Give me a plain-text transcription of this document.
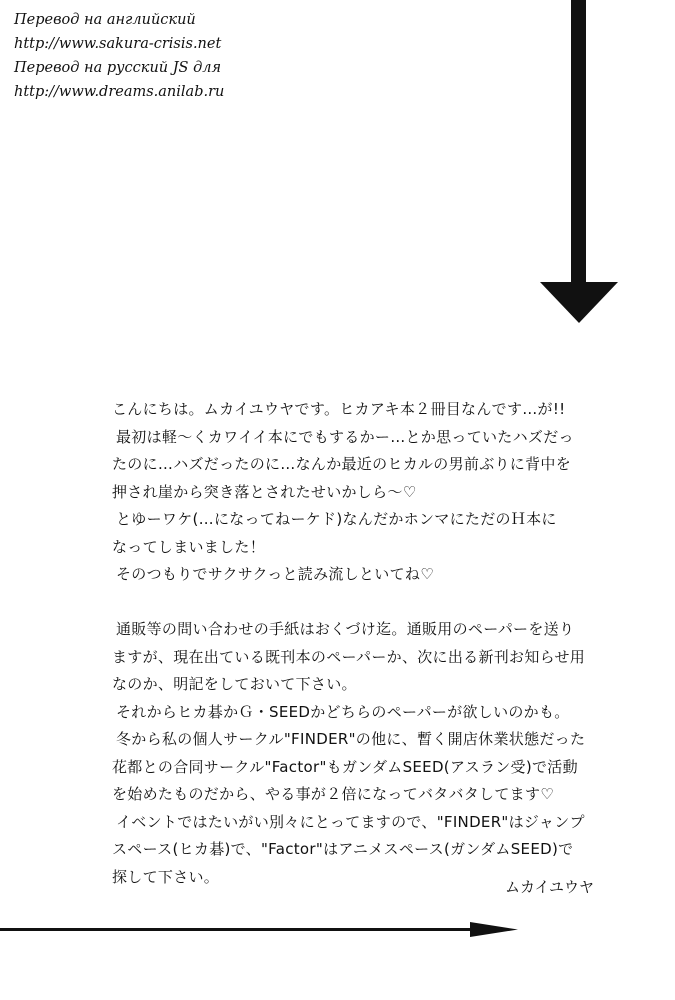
Перевод на английский
http://www.sakura-crisis.net
Перевод на русский JS для
http://www.dreams.anilab.ru
こんにちは。ムカイユウヤです。ヒカアキ本２冊目なんです…が!!
最初は軽～くカワイイ本にでもするかー…とか思っていたハズだっ
たのに…ハズだったのに…なんか最近のヒカルの男前ぶりに背中を
押され崖から突き落とされたせいかしら～♡
とゆーワケ(…になってねーケド)なんだかホンマにただのＨ本に
なってしまいました！
そのつもりでサクサクっと読み流しといてね♡
通販等の問い合わせの手紙はおくづけ迄。通販用のペーパーを送り
ますが、現在出ている既刊本のペーパーか、次に出る新刊お知らせ用
なのか、明記をしておいて下さい。
それからヒカ碁かＧ・SEEDかどちらのペーパーが欲しいのかも。
冬から私の個人サークル"FINDER"の他に、暫く開店休業状態だった
花都との合同サークル"Factor"もガンダムSEED(アスラン受)で活動
を始めたものだから、やる事が２倍になってバタバタしてます♡
イベントではたいがい別々にとってますので、"FINDER"はジャンプ
スペース(ヒカ碁)で、"Factor"はアニメスペース(ガンダムSEED)で
探して下さい。
ムカイユウヤ
